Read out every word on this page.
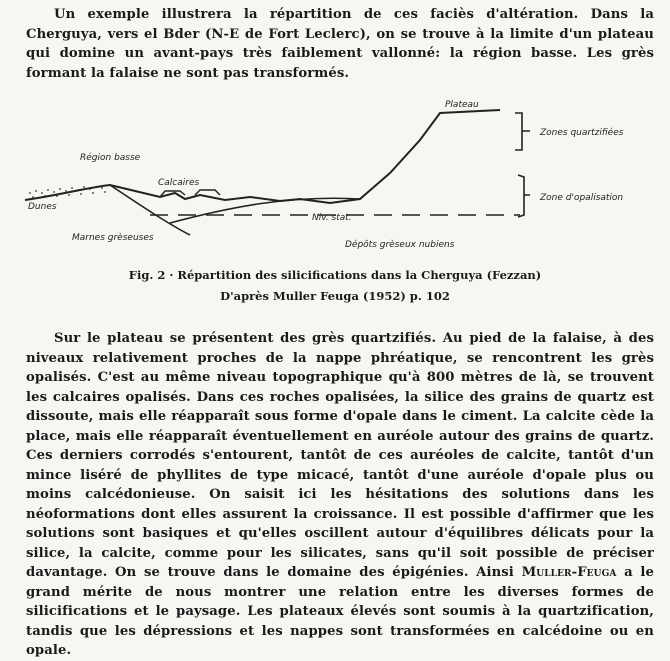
Un exemple illustrera la répartition de ces faciès d'altération. Dans la Cherguya, vers el Bder (N-E de Fort Leclerc), on se trouve à la limite d'un plateau qui domine un avant-pays très faiblement vallonné: la région basse. Les grès formant la falaise ne sont pas transformés.

Plateau
Zones quartzifiées
Région basse
Calcaires
Dunes
Zone d'opalisation
Niv. stat.
Marnes grèseuses
Dépôts grèseux nubiens

Fig. 2 · Répartition des silicifications dans la Cherguya (Fezzan)

D'après Muller Feuga (1952) p. 102

Sur le plateau se présentent des grès quartzifiés. Au pied de la falaise, à des niveaux relativement proches de la nappe phréatique, se rencontrent les grès opalisés. C'est au même niveau topographique qu'à 800 mètres de là, se trouvent les calcaires opalisés. Dans ces roches opalisées, la silice des grains de quartz est dissoute, mais elle réapparaît sous forme d'opale dans le ciment. La calcite cède la place, mais elle réapparaît éventuellement en auréole autour des grains de quartz. Ces derniers corrodés s'entourent, tantôt de ces auréoles de calcite, tantôt d'un mince liséré de phyllites de type micacé, tantôt d'une auréole d'opale plus ou moins calcédonieuse. On saisit ici les hésitations des solutions dans les néoformations dont elles assurent la croissance. Il est possible d'affirmer que les solutions sont basiques et qu'elles oscillent autour d'équilibres délicats pour la silice, la calcite, comme pour les silicates, sans qu'il soit possible de préciser davantage. On se trouve dans le domaine des épigénies. Ainsi Muller-Feuga a le grand mérite de nous montrer une relation entre les diverses formes de silicifications et le paysage. Les plateaux élevés sont soumis à la quartzification, tandis que les dépressions et les nappes sont transformées en calcédoine ou en opale.
